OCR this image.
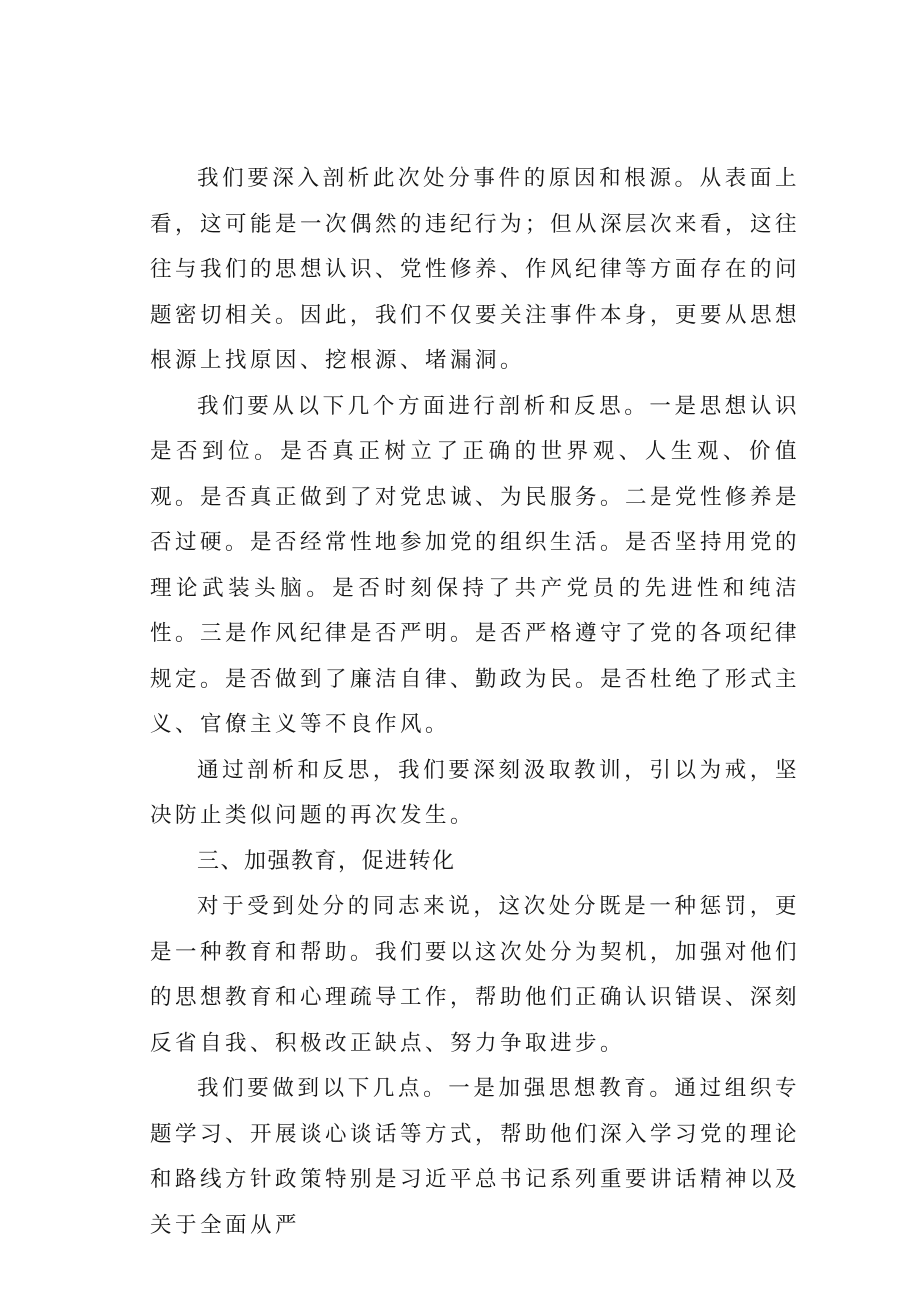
我们要深入剖析此次处分事件的原因和根源。从表面上看，这可能是一次偶然的违纪行为；但从深层次来看，这往往与我们的思想认识、党性修养、作风纪律等方面存在的问题密切相关。因此，我们不仅要关注事件本身，更要从思想根源上找原因、挖根源、堵漏洞。

我们要从以下几个方面进行剖析和反思。一是思想认识是否到位。是否真正树立了正确的世界观、人生观、价值观。是否真正做到了对党忠诚、为民服务。二是党性修养是否过硬。是否经常性地参加党的组织生活。是否坚持用党的理论武装头脑。是否时刻保持了共产党员的先进性和纯洁性。三是作风纪律是否严明。是否严格遵守了党的各项纪律规定。是否做到了廉洁自律、勤政为民。是否杜绝了形式主义、官僚主义等不良作风。

通过剖析和反思，我们要深刻汲取教训，引以为戒，坚决防止类似问题的再次发生。

三、加强教育，促进转化

对于受到处分的同志来说，这次处分既是一种惩罚，更是一种教育和帮助。我们要以这次处分为契机，加强对他们的思想教育和心理疏导工作，帮助他们正确认识错误、深刻反省自我、积极改正缺点、努力争取进步。

我们要做到以下几点。一是加强思想教育。通过组织专题学习、开展谈心谈话等方式，帮助他们深入学习党的理论和路线方针政策特别是习近平总书记系列重要讲话精神以及关于全面从严
